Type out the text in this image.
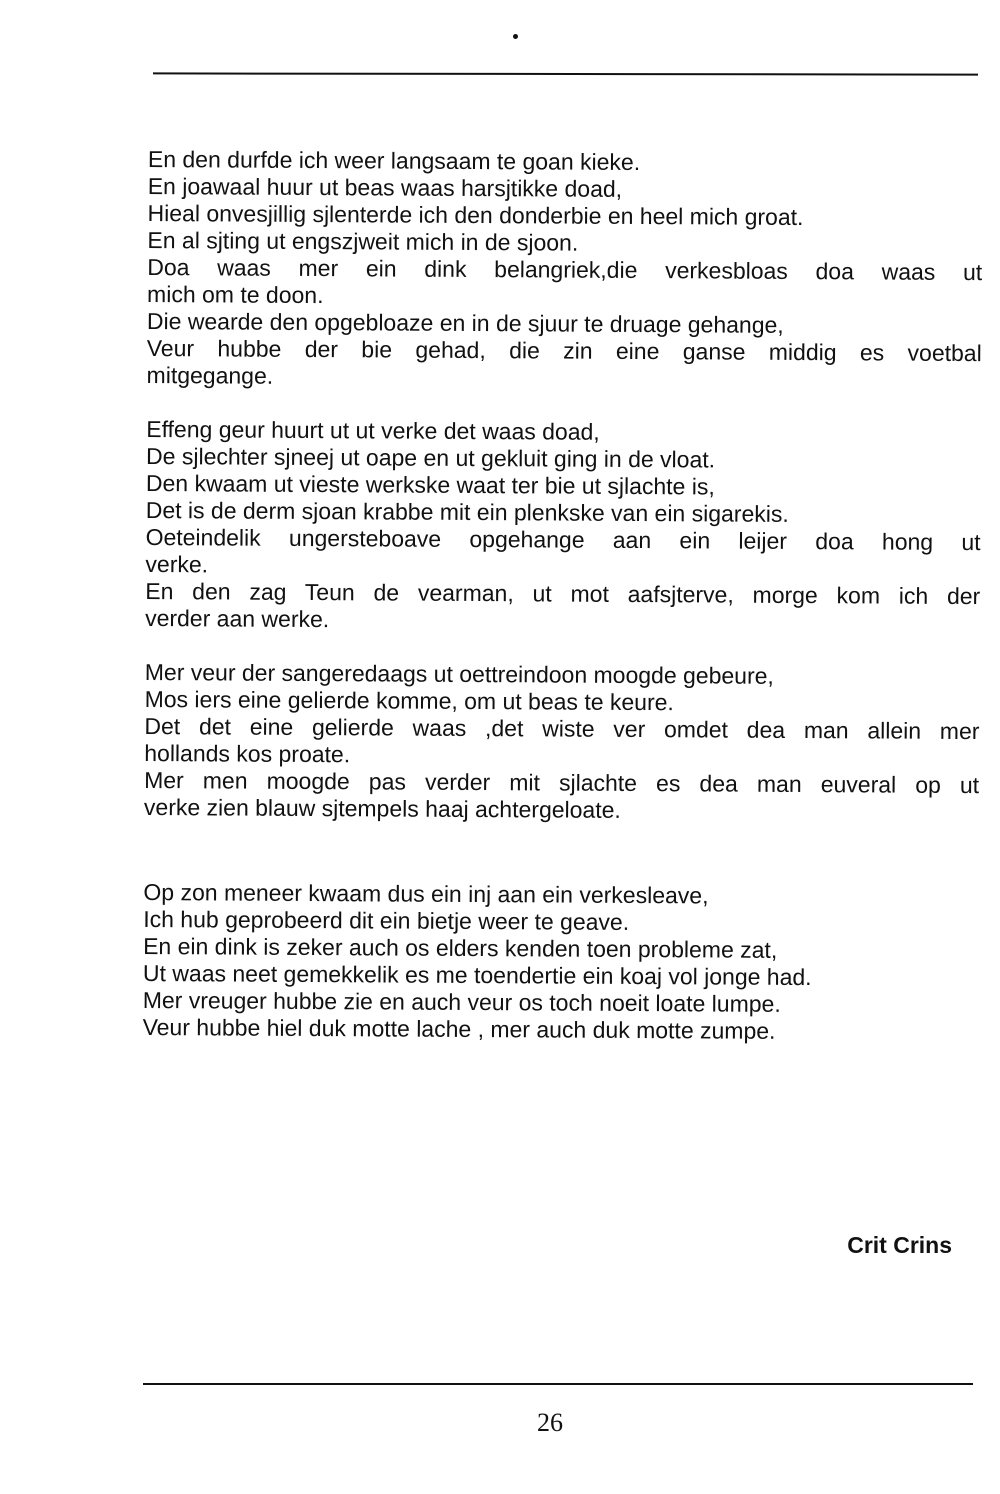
En den durfde ich weer langsaam te goan kieke.
En joawaal huur ut beas waas harsjtikke doad,
Hieal onvesjillig sjlenterde ich den donderbie en heel mich groat.
En al sjting ut engszjweit mich in de sjoon.
Doa waas mer ein dink belangriek,die verkesbloas doa waas ut
mich om te doon.
Die wearde den opgebloaze en in de sjuur te druage gehange,
Veur hubbe der bie gehad, die zin eine ganse middig es voetbal
mitgegange.
Effeng geur huurt ut ut verke det waas doad,
De sjlechter sjneej ut oape en ut gekluit ging in de vloat.
Den kwaam ut vieste werkske waat ter bie ut sjlachte is,
Det is de derm sjoan krabbe mit ein plenkske van ein sigarekis.
Oeteindelik ungersteboave opgehange aan ein leijer doa hong ut
verke.
En den zag Teun de vearman, ut mot aafsjterve, morge kom ich der
verder aan werke.
Mer veur der sangeredaags ut oettreindoon moogde gebeure,
Mos iers eine gelierde komme, om ut beas te keure.
Det det eine gelierde waas ,det wiste ver omdet dea man allein mer
hollands kos proate.
Mer men moogde pas verder mit sjlachte es dea man euveral op ut
verke zien blauw sjtempels haaj achtergeloate.
Op zon meneer kwaam dus ein inj aan ein verkesleave,
Ich hub geprobeerd dit ein bietje weer te geave.
En ein dink is zeker auch os elders kenden toen probleme zat,
Ut waas neet gemekkelik es me toendertie ein koaj vol jonge had.
Mer vreuger hubbe zie en auch veur os toch noeit loate lumpe.
Veur hubbe hiel duk motte lache , mer auch duk motte zumpe.
Crit Crins
26
